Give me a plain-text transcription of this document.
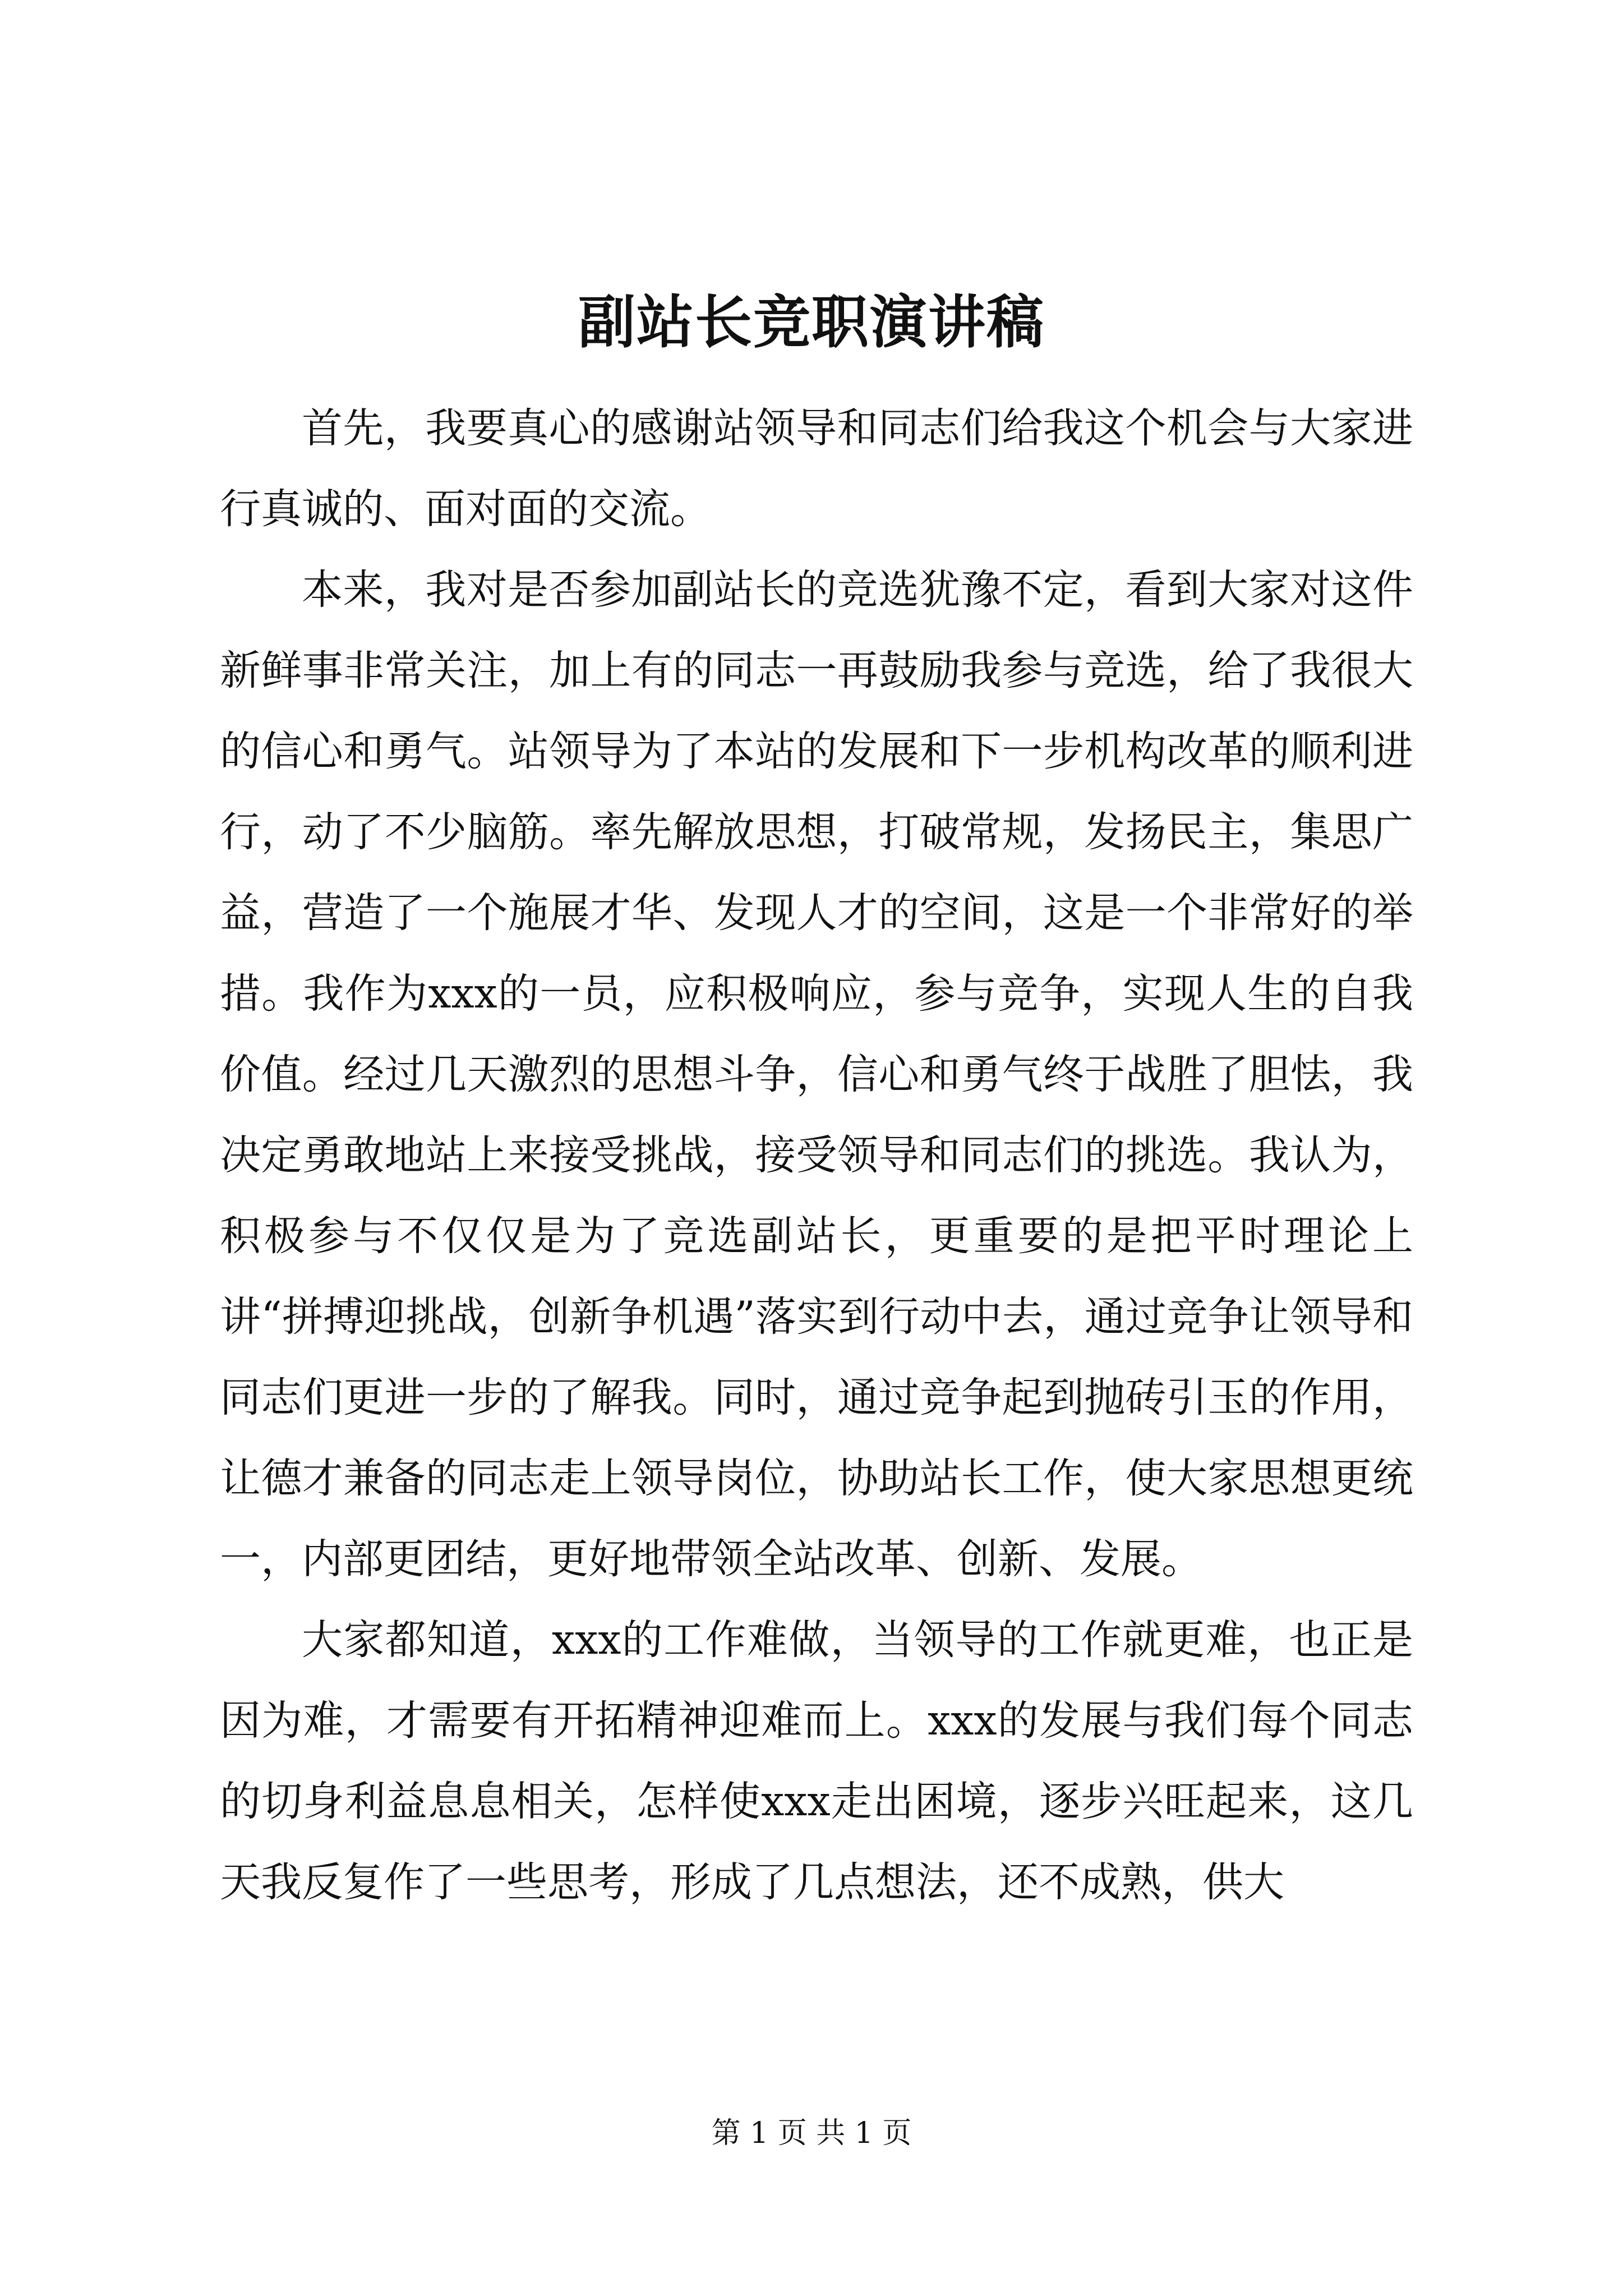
副站长竞职演讲稿

首先，我要真心的感谢站领导和同志们给我这个机会与大家进行真诚的、面对面的交流。

本来，我对是否参加副站长的竞选犹豫不定，看到大家对这件新鲜事非常关注，加上有的同志一再鼓励我参与竞选，给了我很大的信心和勇气。站领导为了本站的发展和下一步机构改革的顺利进行，动了不少脑筋。率先解放思想，打破常规，发扬民主，集思广益，营造了一个施展才华、发现人才的空间，这是一个非常好的举措。我作为xxx的一员，应积极响应，参与竞争，实现人生的自我价值。经过几天激烈的思想斗争，信心和勇气终于战胜了胆怯，我决定勇敢地站上来接受挑战，接受领导和同志们的挑选。我认为，积极参与不仅仅是为了竞选副站长，更重要的是把平时理论上讲“拼搏迎挑战，创新争机遇”落实到行动中去，通过竞争让领导和同志们更进一步的了解我。同时，通过竞争起到抛砖引玉的作用，让德才兼备的同志走上领导岗位，协助站长工作，使大家思想更统一，内部更团结，更好地带领全站改革、创新、发展。

大家都知道，xxx的工作难做，当领导的工作就更难，也正是因为难，才需要有开拓精神迎难而上。xxx的发展与我们每个同志的切身利益息息相关，怎样使xxx走出困境，逐步兴旺起来，这几天我反复作了一些思考，形成了几点想法，还不成熟，供大

第 1 页 共 1 页
